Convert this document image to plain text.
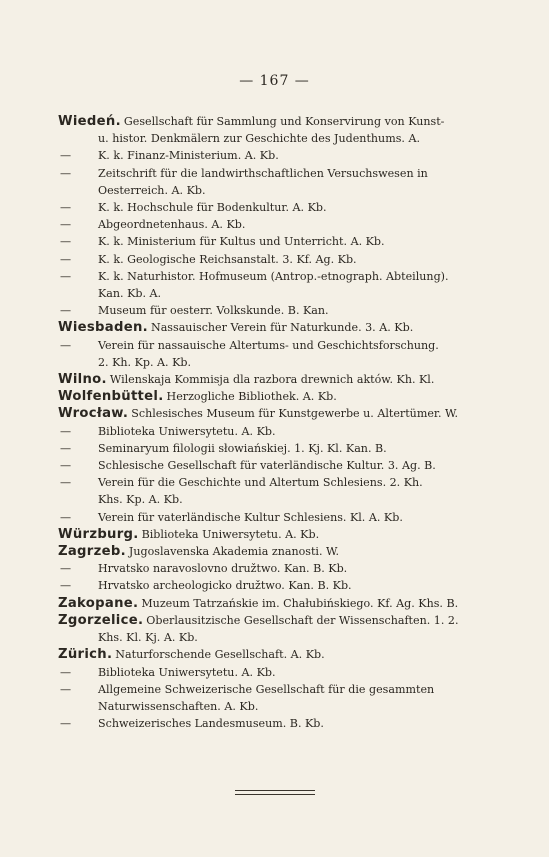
— 167 —
Wiedeń. Gesellschaft für Sammlung und Konservirung von Kunst-
u. histor. Denkmälern zur Geschichte des Judenthums. A.
— K. k. Finanz-Ministerium. A. Kb.
— Zeitschrift für die landwirthschaftlichen Versuchswesen in
Oesterreich. A. Kb.
— K. k. Hochschule für Bodenkultur. A. Kb.
— Abgeordnetenhaus. A. Kb.
— K. k. Ministerium für Kultus und Unterricht. A. Kb.
— K. k. Geologische Reichsanstalt. 3. Kf. Ag. Kb.
— K. k. Naturhistor. Hofmuseum (Antrop.-etnograph. Abteilung).
Kan. Kb. A.
— Museum für oesterr. Volkskunde. B. Kan.
Wiesbaden. Nassauischer Verein für Naturkunde. 3. A. Kb.
— Verein für nassauische Altertums- und Geschichtsforschung.
2. Kh. Kp. A. Kb.
Wilno. Wilenskaja Kommisja dla razbora drewnich aktów. Kh. Kl.
Wolfenbüttel. Herzogliche Bibliothek. A. Kb.
Wrocław. Schlesisches Museum für Kunstgewerbe u. Altertümer. W.
— Biblioteka Uniwersytetu. A. Kb.
— Seminaryum filologii słowiańskiej. 1. Kj. Kl. Kan. B.
— Schlesische Gesellschaft für vaterländische Kultur. 3. Ag. B.
— Verein für die Geschichte und Altertum Schlesiens. 2. Kh.
Khs. Kp. A. Kb.
— Verein für vaterländische Kultur Schlesiens. Kl. A. Kb.
Würzburg. Biblioteka Uniwersytetu. A. Kb.
Zagrzeb. Jugoslavenska Akademia znanosti. W.
— Hrvatsko naravoslovno družtwo. Kan. B. Kb.
— Hrvatsko archeologicko družtwo. Kan. B. Kb.
Zakopane. Muzeum Tatrzańskie im. Chałubińskiego. Kf. Ag. Khs. B.
Zgorzelice. Oberlausitzische Gesellschaft der Wissenschaften. 1. 2.
Khs. Kl. Kj. A. Kb.
Zürich. Naturforschende Gesellschaft. A. Kb.
— Biblioteka Uniwersytetu. A. Kb.
— Allgemeine Schweizerische Gesellschaft für die gesammten
Naturwissenschaften. A. Kb.
— Schweizerisches Landesmuseum. B. Kb.
